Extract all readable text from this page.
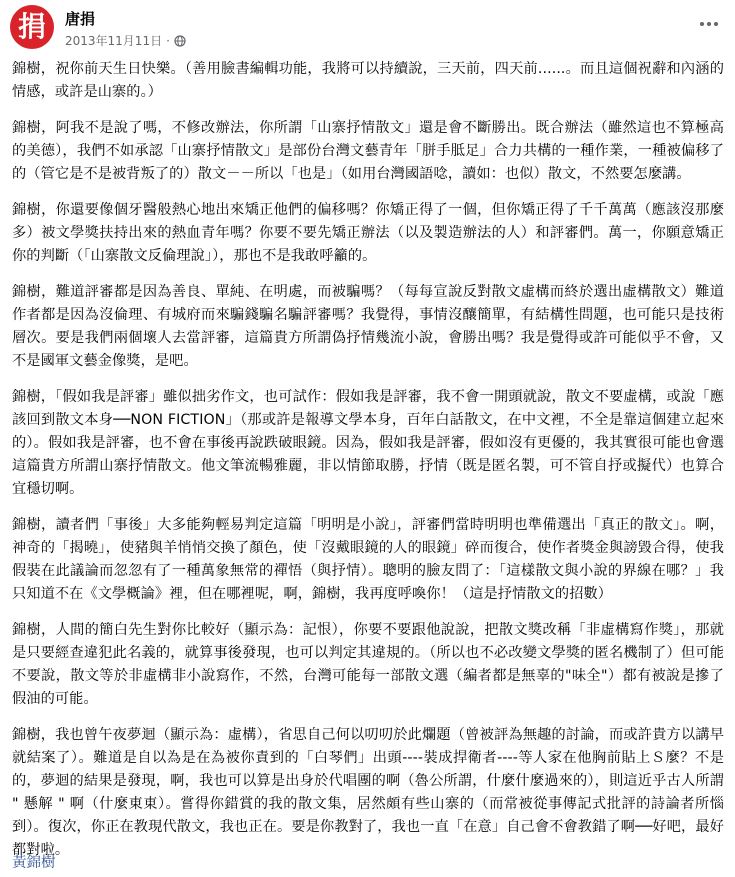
捐	唐捐
2013年11月11日 ·

錦樹，祝你前天生日快樂。（善用臉書編輯功能，我將可以持續說，三天前，四天前......。而且這個祝辭和內涵的情感，或許是山寨的。）

錦樹，阿我不是說了嗎，不修改辦法，你所謂「山寨抒情散文」還是會不斷勝出。既合辦法（雖然這也不算極高的美德），我們不如承認「山寨抒情散文」是部份台灣文藝青年「胼手胝足」合力共構的一種作業，一種被偏移了的（管它是不是被背叛了的）散文－－所以「也是」（如用台灣國語唸，讀如：也似）散文，不然要怎麼講。

錦樹，你還要像個牙醫般熱心地出來矯正他們的偏移嗎？你矯正得了一個，但你矯正得了千千萬萬（應該沒那麼多）被文學獎扶持出來的熱血青年嗎？你要不要先矯正辦法（以及製造辦法的人）和評審們。萬一，你願意矯正你的判斷（「山寨散文反倫理說」），那也不是我敢呼籲的。

錦樹，難道評審都是因為善良、單純、在明處，而被騙嗎？（每每宣說反對散文虛構而終於選出虛構散文）難道作者都是因為沒倫理、有城府而來騙錢騙名騙評審嗎？我覺得，事情沒釀簡單，有結構性問題，也可能只是技術層次。要是我們兩個壞人去當評審，這篇貴方所謂偽抒情幾流小說，會勝出嗎？我是覺得或許可能似乎不會，又不是國軍文藝金像獎，是吧。

錦樹，「假如我是評審」雖似拙劣作文，也可試作：假如我是評審，我不會一開頭就說，散文不要虛構，或說「應該回到散文本身──NON FICTION」（那或許是報導文學本身，百年白話散文，在中文裡，不全是靠這個建立起來的）。假如我是評審，也不會在事後再說跌破眼鏡。因為，假如我是評審，假如沒有更優的，我其實很可能也會選這篇貴方所謂山寨抒情散文。他文筆流暢雅麗，非以情節取勝，抒情（既是匿名製，可不管自抒或擬代）也算合宜穩切啊。

錦樹，讀者們「事後」大多能夠輕易判定這篇「明明是小說」，評審們當時明明也準備選出「真正的散文」。啊，神奇的「揭曉」，使豬與羊悄悄交換了顏色，使「沒戴眼鏡的人的眼鏡」碎而復合，使作者獎金與謗毀合得，使我假裝在此議論而忽忽有了一種萬象無常的禪悟（與抒情）。聰明的臉友問了：「這樣散文與小說的界線在哪？」我只知道不在《文學概論》裡，但在哪裡呢，啊，錦樹，我再度呼喚你！（這是抒情散文的招數）

錦樹，人間的簡白先生對你比較好（顯示為：記恨），你要不要跟他說說，把散文獎改稱「非虛構寫作獎」，那就是只要經查違犯此名義的，就算事後發現，也可以判定其違規的。（所以也不必改變文學獎的匿名機制了）但可能不要說，散文等於非虛構非小說寫作，不然，台灣可能每一部散文選（編者都是無辜的"味全"）都有被說是摻了假油的可能。

錦樹，我也曾午夜夢迴（顯示為：虛構），省思自己何以叨叨於此爛題（曾被評為無趣的討論，而或許貴方以講早就結案了）。難道是自以為是在為被你責到的「白琴們」出頭----裝成捍衛者----等人家在他胸前貼上Ｓ麼？不是的，夢迴的結果是發現，啊，我也可以算是出身於代唱團的啊（魯公所謂，什麼什麼過來的），則這近乎古人所謂 " 懸解 " 啊（什麼東東）。嘗得你錯賞的我的散文集，居然頗有些山寨的（而常被從事傳記式批評的詩論者所惱到）。復次，你正在教現代散文，我也正在。要是你教對了，我也一直「在意」自己會不會教錯了啊──好吧，最好都對啦。

黃錦樹
